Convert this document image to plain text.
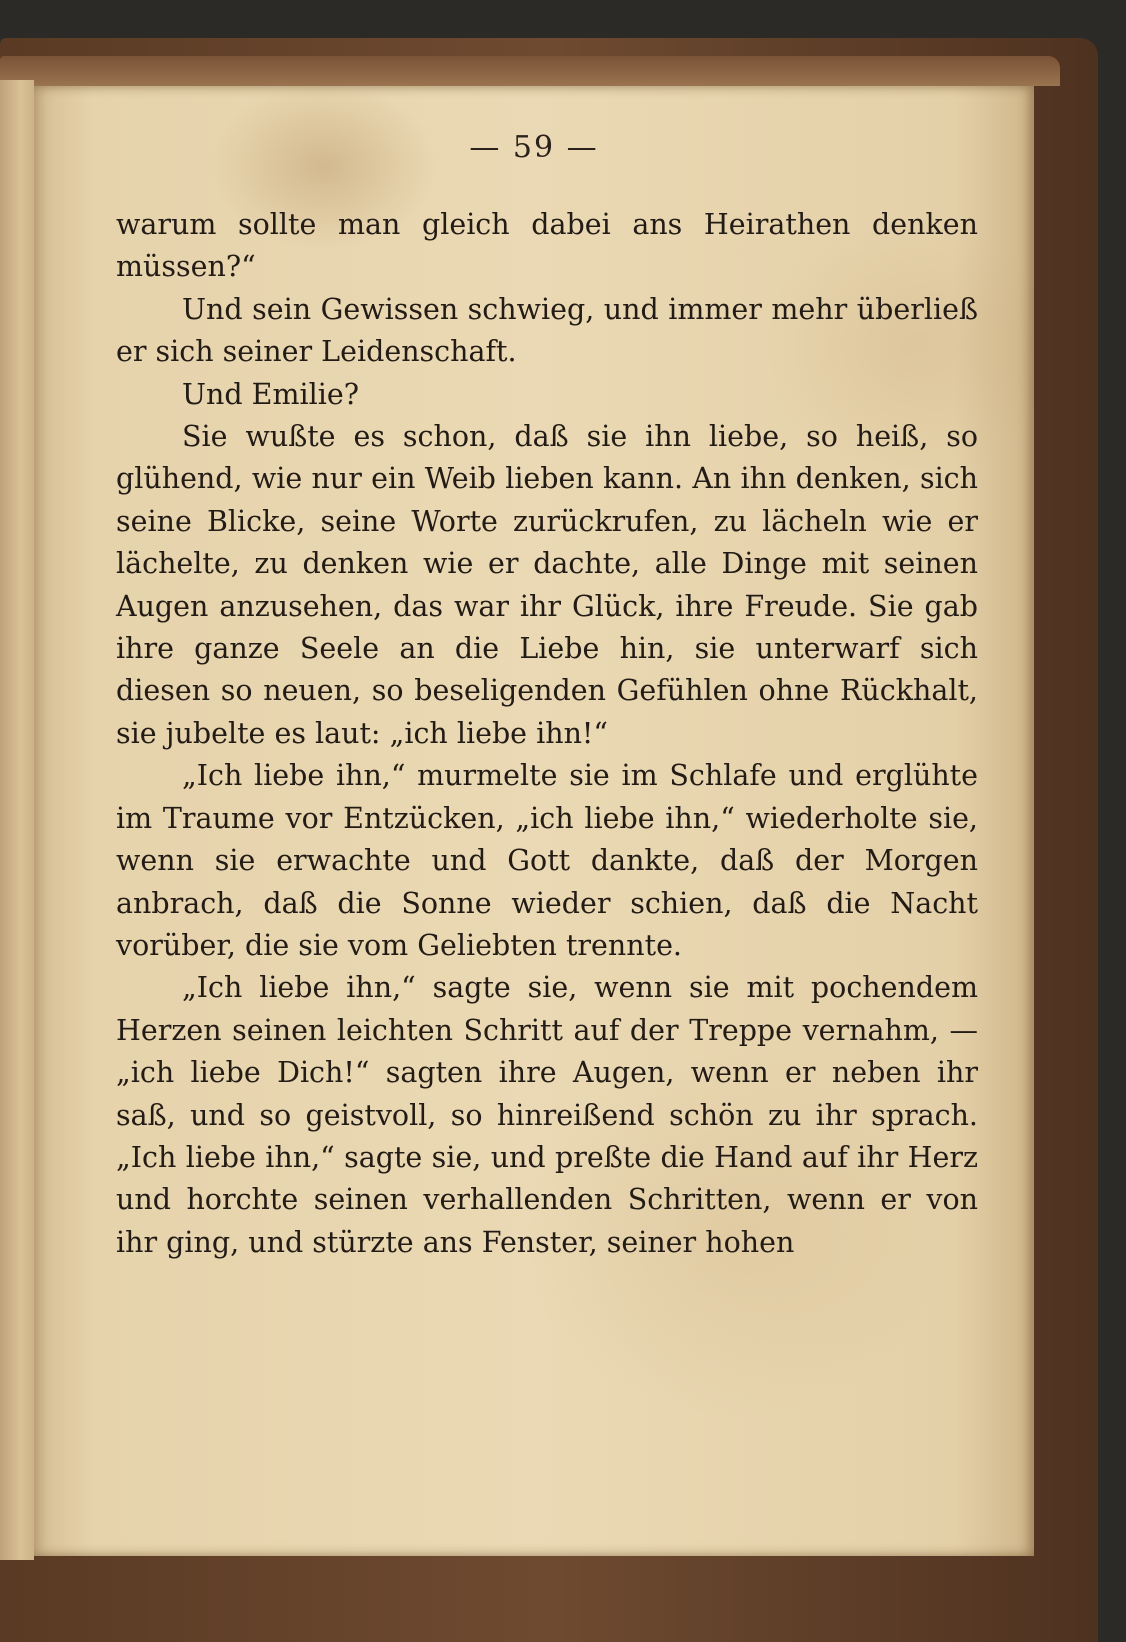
— 59 —

warum sollte man gleich dabei ans Heirathen denken müssen?“

Und sein Gewissen schwieg, und immer mehr überließ er sich seiner Leidenschaft.

Und Emilie?

Sie wußte es schon, daß sie ihn liebe, so heiß, so glühend, wie nur ein Weib lieben kann. An ihn denken, sich seine Blicke, seine Worte zurückrufen, zu lächeln wie er lächelte, zu denken wie er dachte, alle Dinge mit seinen Augen anzusehen, das war ihr Glück, ihre Freude. Sie gab ihre ganze Seele an die Liebe hin, sie unterwarf sich diesen so neuen, so beseligenden Gefühlen ohne Rückhalt, sie jubelte es laut: „ich liebe ihn!“

„Ich liebe ihn,“ murmelte sie im Schlafe und erglühte im Traume vor Entzücken, „ich liebe ihn,“ wiederholte sie, wenn sie erwachte und Gott dankte, daß der Morgen anbrach, daß die Sonne wieder schien, daß die Nacht vorüber, die sie vom Geliebten trennte.

„Ich liebe ihn,“ sagte sie, wenn sie mit pochendem Herzen seinen leichten Schritt auf der Treppe vernahm, — „ich liebe Dich!“ sagten ihre Augen, wenn er neben ihr saß, und so geistvoll, so hinreißend schön zu ihr sprach. „Ich liebe ihn,“ sagte sie, und preßte die Hand auf ihr Herz und horchte seinen verhallenden Schritten, wenn er von ihr ging, und stürzte ans Fenster, seiner hohen
